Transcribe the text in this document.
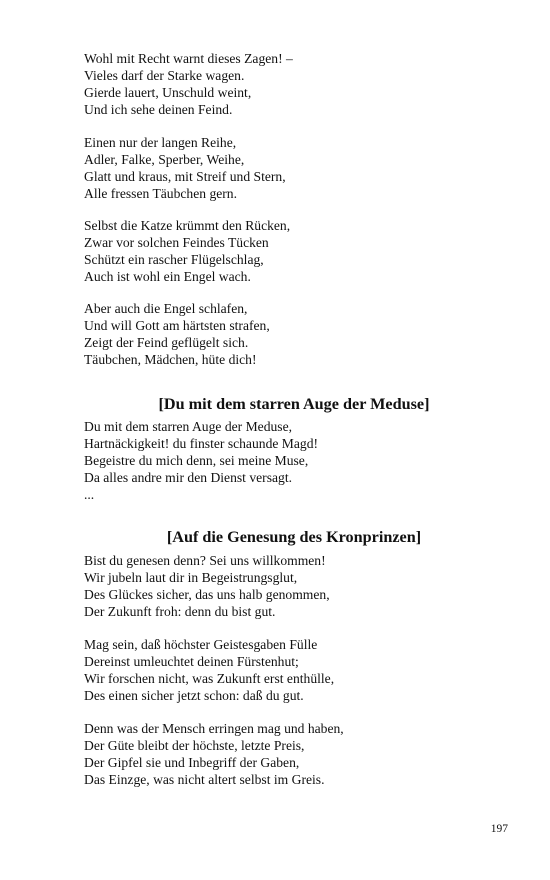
Wohl mit Recht warnt dieses Zagen! –
Vieles darf der Starke wagen.
Gierde lauert, Unschuld weint,
Und ich sehe deinen Feind.
Einen nur der langen Reihe,
Adler, Falke, Sperber, Weihe,
Glatt und kraus, mit Streif und Stern,
Alle fressen Täubchen gern.
Selbst die Katze krümmt den Rücken,
Zwar vor solchen Feindes Tücken
Schützt ein rascher Flügelschlag,
Auch ist wohl ein Engel wach.
Aber auch die Engel schlafen,
Und will Gott am härtsten strafen,
Zeigt der Feind geflügelt sich.
Täubchen, Mädchen, hüte dich!
[Du mit dem starren Auge der Meduse]
Du mit dem starren Auge der Meduse,
Hartnäckigkeit! du finster schaunde Magd!
Begeistre du mich denn, sei meine Muse,
Da alles andre mir den Dienst versagt.
...
[Auf die Genesung des Kronprinzen]
Bist du genesen denn? Sei uns willkommen!
Wir jubeln laut dir in Begeistrungsglut,
Des Glückes sicher, das uns halb genommen,
Der Zukunft froh: denn du bist gut.
Mag sein, daß höchster Geistesgaben Fülle
Dereinst umleuchtet deinen Fürstenhut;
Wir forschen nicht, was Zukunft erst enthülle,
Des einen sicher jetzt schon: daß du gut.
Denn was der Mensch erringen mag und haben,
Der Güte bleibt der höchste, letzte Preis,
Der Gipfel sie und Inbegriff der Gaben,
Das Einzge, was nicht altert selbst im Greis.
197
